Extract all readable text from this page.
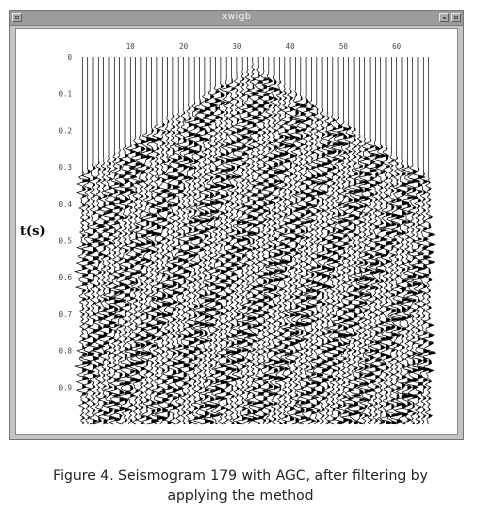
xwigb
10	20	30	40	50	60
0
0.1
0.2
0.3
0.4
0.5
0.6
0.7
0.8
0.9
t(s)
Figure 4. Seismogram 179 with AGC, after filtering by
applying the method
